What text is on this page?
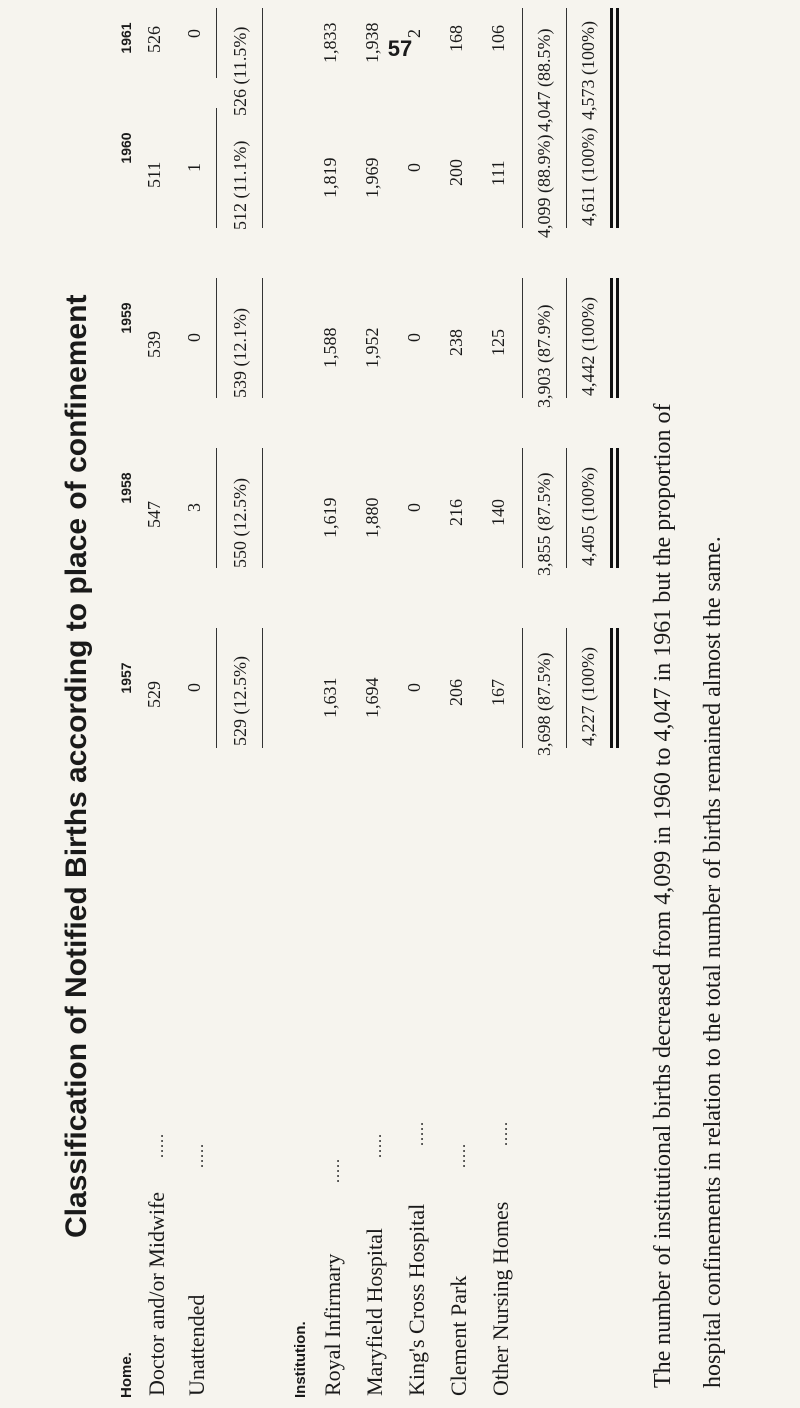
57
Classification of Notified Births according to place of confinement 1957
1958
1959
1960
1961
Home. Doctor and/or Midwife
.....
529
547
539
511
526
Unattended
.....
0
3
0
1
0
529 (12.5%)
550 (12.5%)
539 (12.1%)
512 (11.1%)
526 (11.5%)
Institution. Royal Infirmary
.....
1,631
1,619
1,588
1,819
1,833
Maryfield Hospital
.....
1,694
1,880
1,952
1,969
1,938
King's Cross Hospital
.....
0
0
0
0
2
Clement Park
.....
206
216
238
200
168
Other Nursing Homes
.....
167
140
125
111
106
3,698 (87.5%)
3,855 (87.5%)
3,903 (87.9%)
4,099 (88.9%)
4,047 (88.5%)
4,227 (100%)
4,405 (100%)
4,442 (100%)
4,611 (100%)
4,573 (100%)
The number of institutional births decreased from 4,099 in 1960 to 4,047 in 1961 but the proportion of hospital confinements in relation to the total number of births remained almost the same.
